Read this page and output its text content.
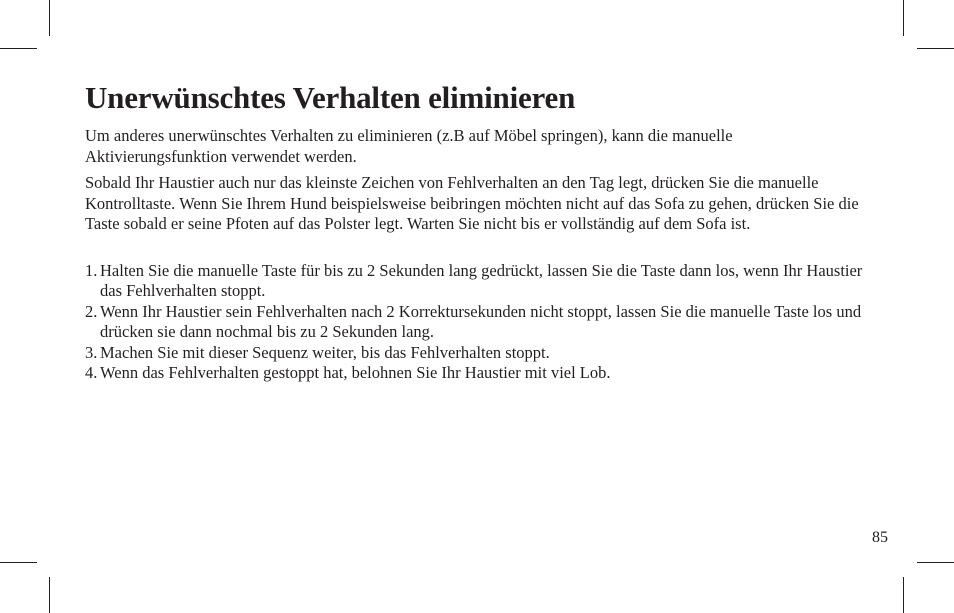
Unerwünschtes Verhalten eliminieren

Um anderes unerwünschtes Verhalten zu eliminieren (z.B auf Möbel springen), kann die manuelle Aktivierungsfunktion verwendet werden.

Sobald Ihr Haustier auch nur das kleinste Zeichen von Fehlverhalten an den Tag legt, drücken Sie die manuelle Kontrolltaste. Wenn Sie Ihrem Hund beispielsweise beibringen möchten nicht auf das Sofa zu gehen, drücken Sie die Taste sobald er seine Pfoten auf das Polster legt. Warten Sie nicht bis er vollständig auf dem Sofa ist.

1. Halten Sie die manuelle Taste für bis zu 2 Sekunden lang gedrückt, lassen Sie die Taste dann los, wenn Ihr Haustier das Fehlverhalten stoppt.
2. Wenn Ihr Haustier sein Fehlverhalten nach 2 Korrektursekunden nicht stoppt, lassen Sie die manuelle Taste los und drücken sie dann nochmal bis zu 2 Sekunden lang.
3. Machen Sie mit dieser Sequenz weiter, bis das Fehlverhalten stoppt.
4. Wenn das Fehlverhalten gestoppt hat, belohnen Sie Ihr Haustier mit viel Lob.
85
